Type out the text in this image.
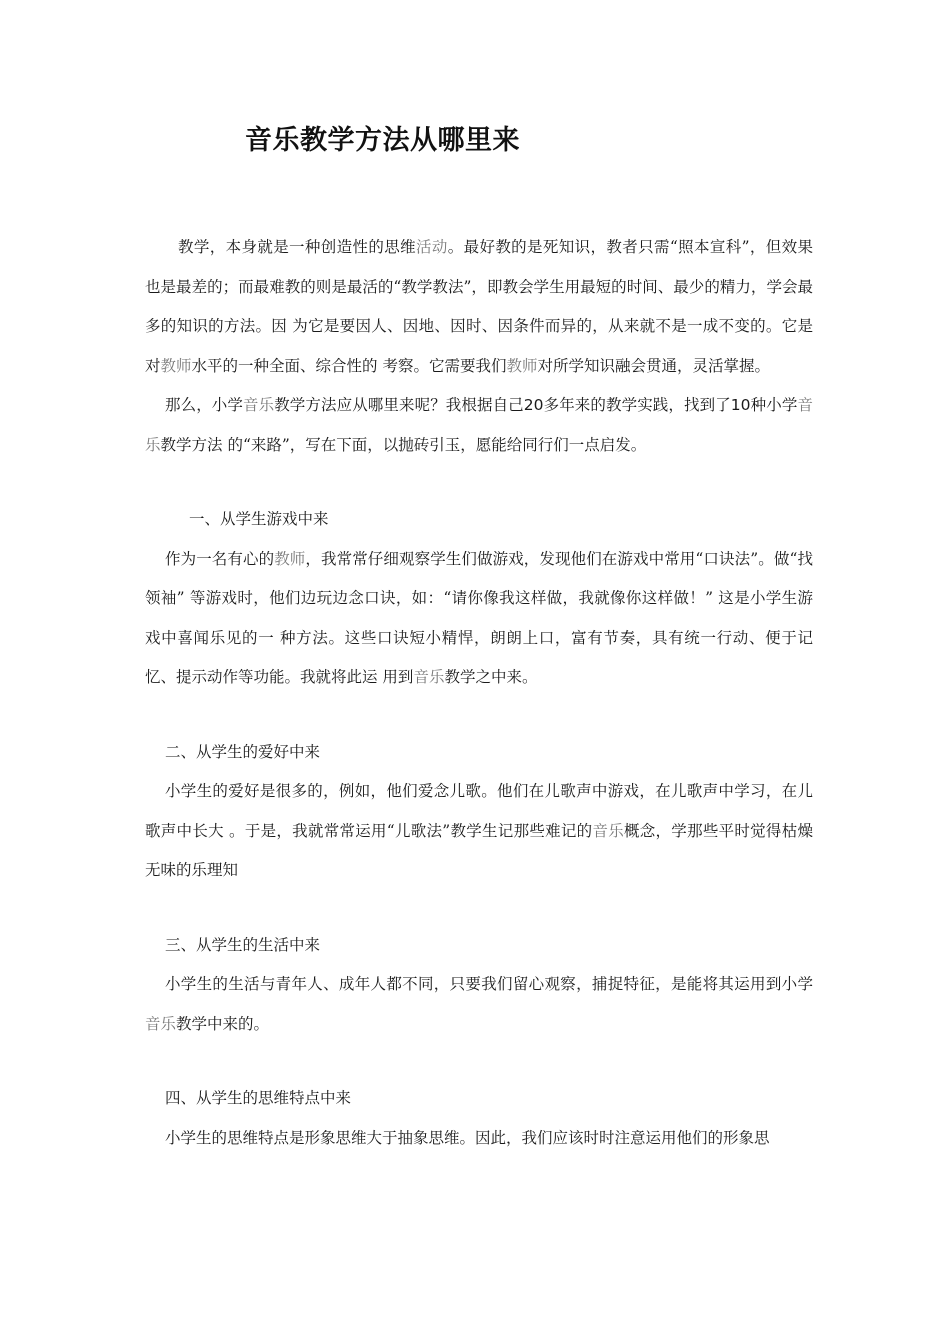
音乐教学方法从哪里来

教学，本身就是一种创造性的思维活动。最好教的是死知识，教者只需“照本宣科”，但效果也是最差的；而最难教的则是最活的“教学教法”，即教会学生用最短的时间、最少的精力，学会最多的知识的方法。因 为它是要因人、因地、因时、因条件而异的，从来就不是一成不变的。它是对教师水平的一种全面、综合性的 考察。它需要我们教师对所学知识融会贯通，灵活掌握。

那么，小学音乐教学方法应从哪里来呢？我根据自己20多年来的教学实践，找到了10种小学音乐教学方法 的“来路”，写在下面，以抛砖引玉，愿能给同行们一点启发。

一、从学生游戏中来

作为一名有心的教师，我常常仔细观察学生们做游戏，发现他们在游戏中常用“口诀法”。做“找领袖” 等游戏时，他们边玩边念口诀，如：“请你像我这样做，我就像你这样做！” 这是小学生游戏中喜闻乐见的一 种方法。这些口诀短小精悍，朗朗上口，富有节奏，具有统一行动、便于记忆、提示动作等功能。我就将此运 用到音乐教学之中来。

二、从学生的爱好中来

小学生的爱好是很多的，例如，他们爱念儿歌。他们在儿歌声中游戏，在儿歌声中学习，在儿歌声中长大 。于是，我就常常运用“儿歌法”教学生记那些难记的音乐概念，学那些平时觉得枯燥无味的乐理知

三、从学生的生活中来

小学生的生活与青年人、成年人都不同，只要我们留心观察，捕捉特征，是能将其运用到小学音乐教学中来的。

四、从学生的思维特点中来

小学生的思维特点是形象思维大于抽象思维。因此，我们应该时时注意运用他们的形象思
